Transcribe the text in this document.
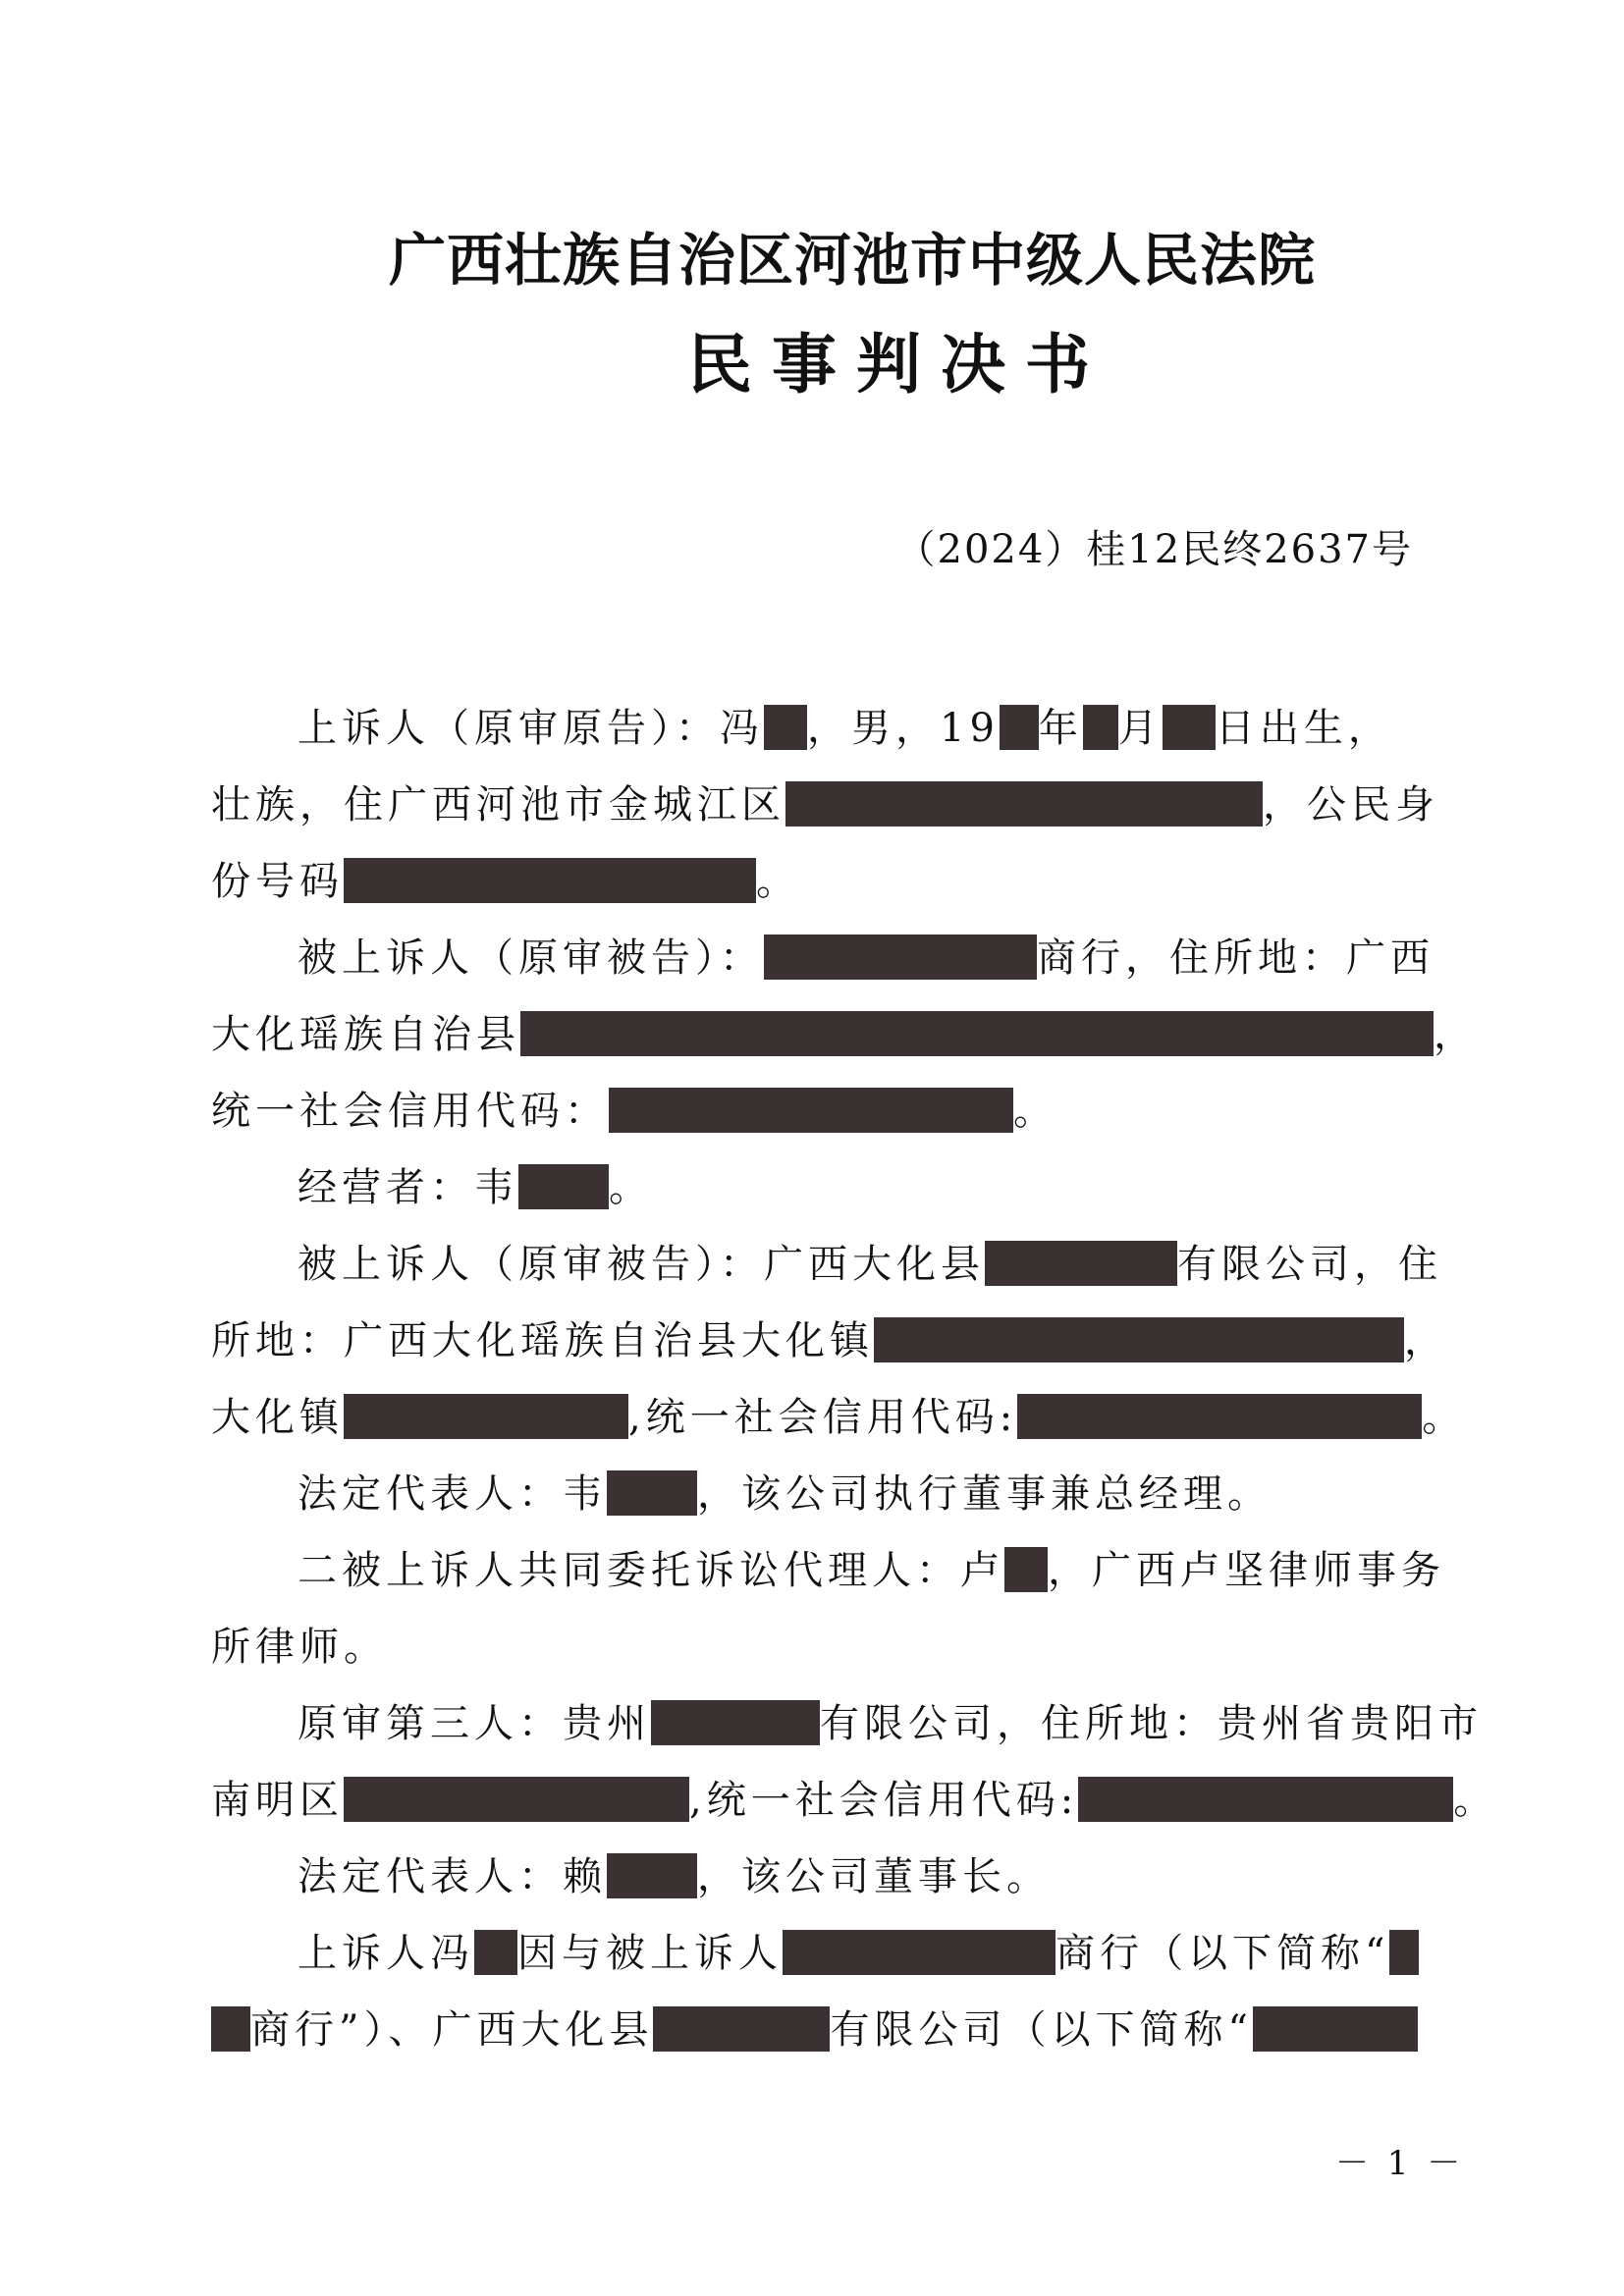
广西壮族自治区河池市中级人民法院
民事判决书
（2024）桂12民终2637号
上诉人（原审原告）：冯 ，男，19 年 月 日出生，
壮族，住广西河池市金城江区	，公民身
份号码	。
被上诉人（原审被告）：	商行，住所地：广西
大化瑶族自治县	，
统一社会信用代码：	。
经营者：韦 。
被上诉人（原审被告）：广西大化县	有限公司，住
所地：广西大化瑶族自治县大化镇	，
大化镇	,统一社会信用代码:	。
法定代表人：韦 ，该公司执行董事兼总经理。
二被上诉人共同委托诉讼代理人：卢 ，广西卢坚律师事务
所律师。
原审第三人：贵州	有限公司，住所地：贵州省贵阳市
南明区	,统一社会信用代码:	。
法定代表人：赖 ，该公司董事长。
上诉人冯 因与被上诉人	商行（以下简称“
商行”）、广西大化县	有限公司（以下简称“
－ 1 －
